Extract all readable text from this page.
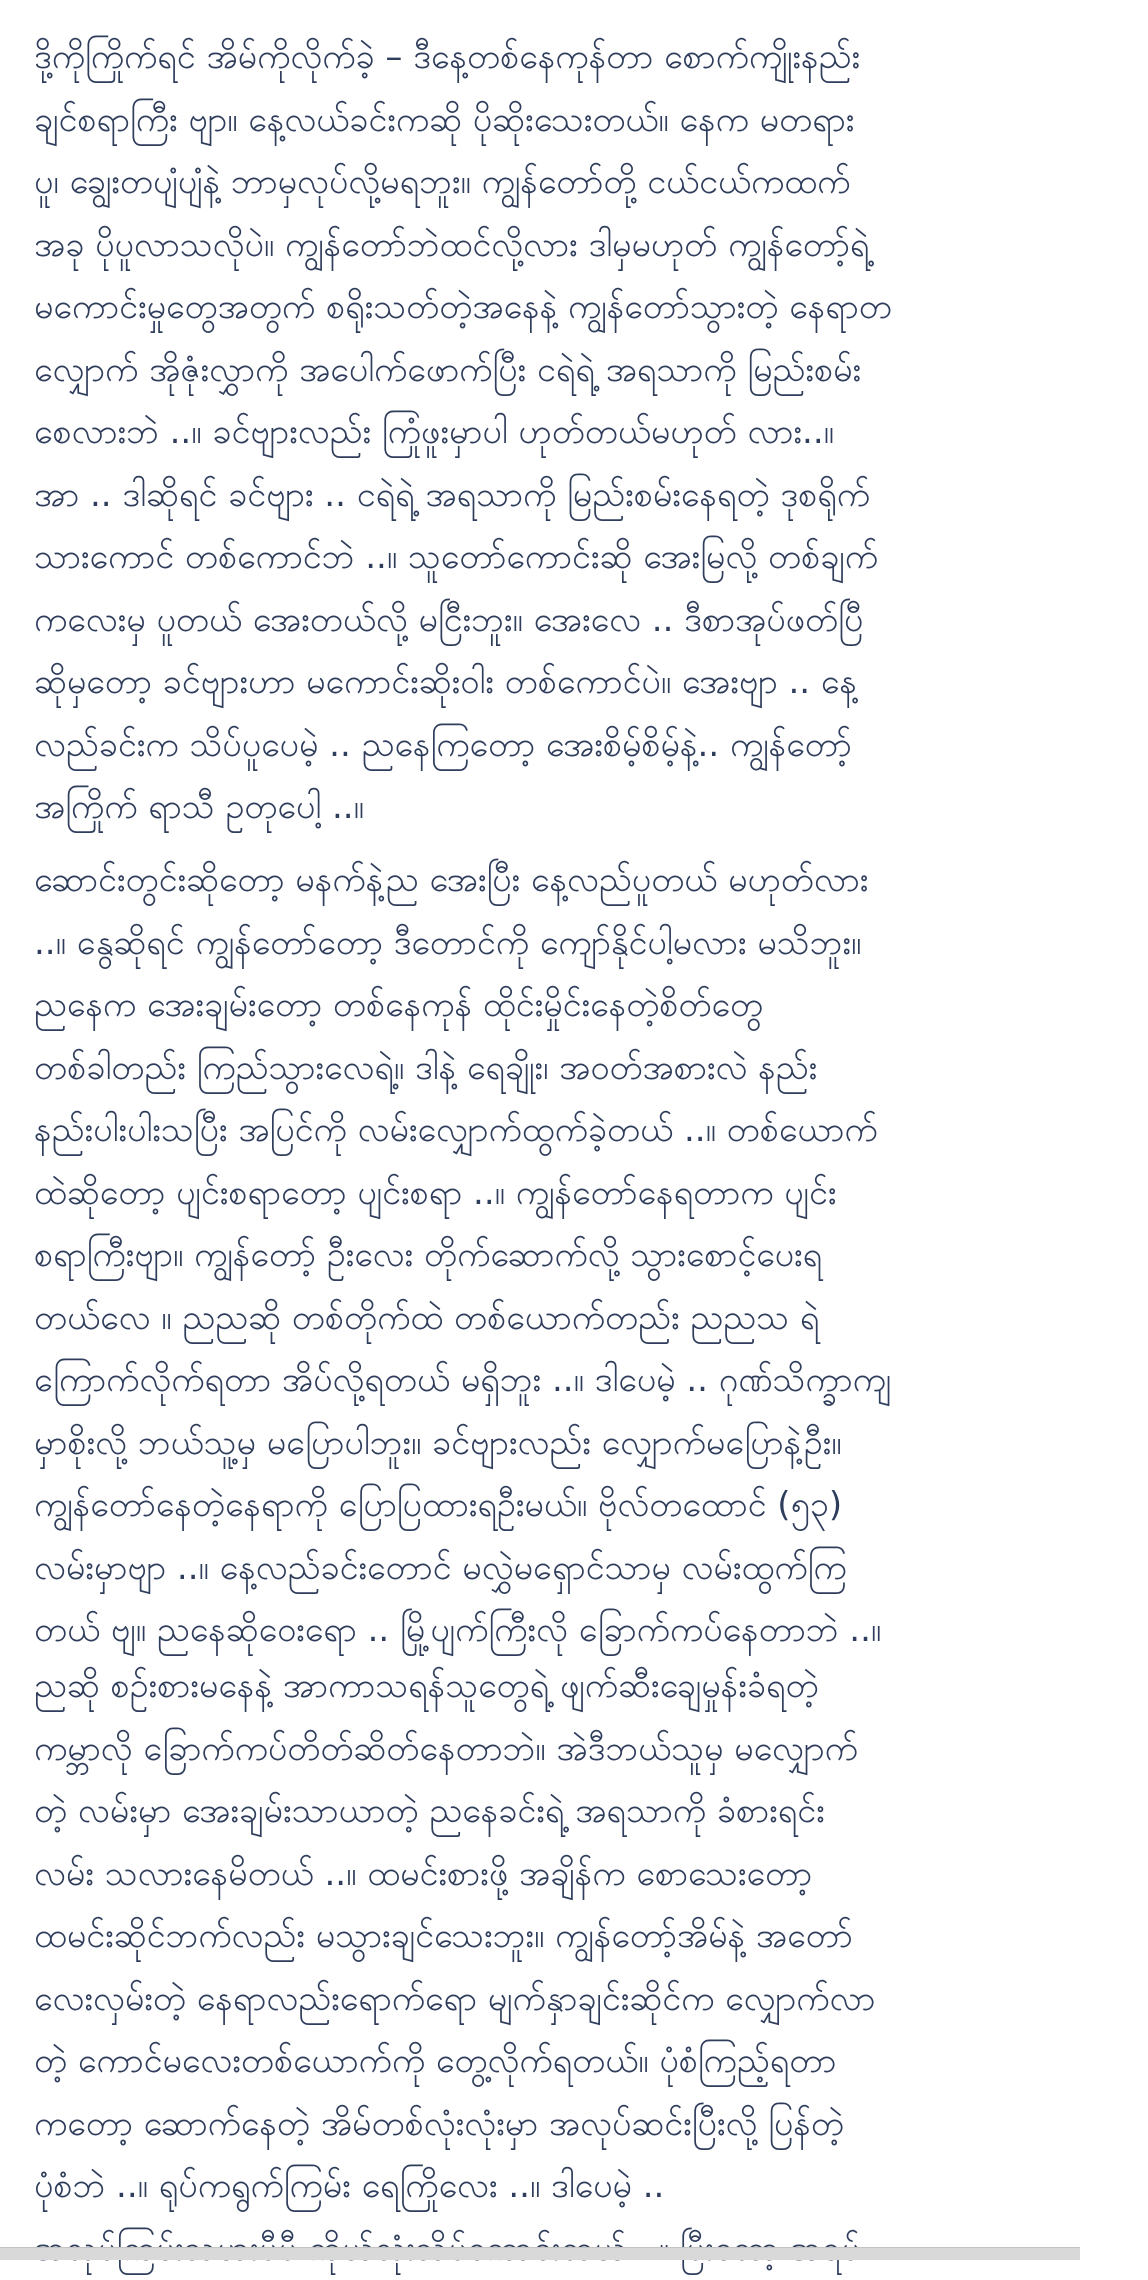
ဒို့ကိုကြိုက်ရင် အိမ်ကိုလိုက်ခဲ့ – ဒီနေ့တစ်နေကုန်တာ စောက်ကျိုးနည်း
ချင်စရာကြီး ဗျာ။ နေ့လယ်ခင်းကဆို ပိုဆိုးသေးတယ်။ နေက မတရား
ပူ၊ ချွေးတပျံပျံနဲ့ ဘာမှလုပ်လို့မရဘူး။ ကျွန်တော်တို့ ငယ်ငယ်ကထက်
အခု ပိုပူလာသလိုပဲ။ ကျွန်တော်ဘဲထင်လို့လား ဒါမှမဟုတ် ကျွန်တော့်ရဲ့
မကောင်းမှုတွေအတွက် စရိုးသတ်တဲ့အနေနဲ့ ကျွန်တော်သွားတဲ့ နေရာတ
လျှောက် အိုဇုံးလွှာကို အပေါက်ဖောက်ပြီး ငရဲရဲ့ အရသာကို မြည်းစမ်း
စေလားဘဲ ..။ ခင်ဗျားလည်း ကြုံဖူးမှာပါ ဟုတ်တယ်မဟုတ် လား..။
အာ .. ဒါဆိုရင် ခင်ဗျား .. ငရဲရဲ့ အရသာကို မြည်းစမ်းနေရတဲ့ ဒုစရိုက်
သားကောင် တစ်ကောင်ဘဲ ..။ သူတော်ကောင်းဆို အေးမြလို့ တစ်ချက်
ကလေးမှ ပူတယ် အေးတယ်လို့ မငြီးဘူး။ အေးလေ .. ဒီစာအုပ်ဖတ်ပြီ
ဆိုမှတော့ ခင်ဗျားဟာ မကောင်းဆိုးဝါး တစ်ကောင်ပဲ။ အေးဗျာ .. နေ့
လည်ခင်းက သိပ်ပူပေမဲ့ .. ညနေကြတော့ အေးစိမ့်စိမ့်နဲ့.. ကျွန်တော့်
အကြိုက် ရာသီ ဥတုပေါ့ ..။
ဆောင်းတွင်းဆိုတော့ မနက်နဲ့ည အေးပြီး နေ့လည်ပူတယ် မဟုတ်လား
..။ နွေဆိုရင် ကျွန်တော်တော့ ဒီတောင်ကို ကျော်နိုင်ပါ့မလား မသိဘူး။
ညနေက အေးချမ်းတော့ တစ်နေကုန် ထိုင်းမှိုင်းနေတဲ့စိတ်တွေ
တစ်ခါတည်း ကြည်သွားလေရဲ့။ ဒါနဲ့ ရေချိုး၊ အဝတ်အစားလဲ နည်း
နည်းပါးပါးသပြီး အပြင်ကို လမ်းလျှောက်ထွက်ခဲ့တယ် ..။ တစ်ယောက်
ထဲဆိုတော့ ပျင်းစရာတော့ ပျင်းစရာ ..။ ကျွန်တော်နေရတာက ပျင်း
စရာကြီးဗျာ။ ကျွန်တော့် ဦးလေး တိုက်ဆောက်လို့ သွားစောင့်ပေးရ
တယ်လေ ။ ညညဆို တစ်တိုက်ထဲ တစ်ယောက်တည်း ညညသ ရဲ
ကြောက်လိုက်ရတာ အိပ်လို့ရတယ် မရှိဘူး ..။ ဒါပေမဲ့ .. ဂုဏ်သိက္ခာကျ
မှာစိုးလို့ ဘယ်သူ့မှ မပြောပါဘူး။ ခင်ဗျားလည်း လျှောက်မပြောနဲ့ဦး။
ကျွန်တော်နေတဲ့နေရာကို ပြောပြထားရဦးမယ်။ ဗိုလ်တထောင် (၅၃)
လမ်းမှာဗျာ ..။ နေ့လည်ခင်းတောင် မလွှဲမရှောင်သာမှ လမ်းထွက်ကြ
တယ် ဗျ။ ညနေဆိုဝေးရော .. မြို့ပျက်ကြီးလို ခြောက်ကပ်နေတာဘဲ ..။
ညဆို စဉ်းစားမနေနဲ့ အာကာသရန်သူတွေရဲ့ ဖျက်ဆီးချေမှုန်းခံရတဲ့
ကမ္ဘာလို ခြောက်ကပ်တိတ်ဆိတ်နေတာဘဲ။ အဲဒီဘယ်သူမှ မလျှောက်
တဲ့ လမ်းမှာ အေးချမ်းသာယာတဲ့ ညနေခင်းရဲ့ အရသာကို ခံစားရင်း
လမ်း သလားနေမိတယ် ..။ ထမင်းစားဖို့ အချိန်က စောသေးတော့
ထမင်းဆိုင်ဘက်လည်း မသွားချင်သေးဘူး။ ကျွန်တော့်အိမ်နဲ့ အတော်
လေးလှမ်းတဲ့ နေရာလည်းရောက်ရော မျက်နှာချင်းဆိုင်က လျှောက်လာ
တဲ့ ကောင်မလေးတစ်ယောက်ကို တွေ့လိုက်ရတယ်။ ပုံစံကြည့်ရတာ
ကတော့ ဆောက်နေတဲ့ အိမ်တစ်လုံးလုံးမှာ အလုပ်ဆင်းပြီးလို့ ပြန်တဲ့
ပုံစံဘဲ ..။ ရုပ်ကရွက်ကြမ်း ရေကြိုလေး ..။ ဒါပေမဲ့ ..
